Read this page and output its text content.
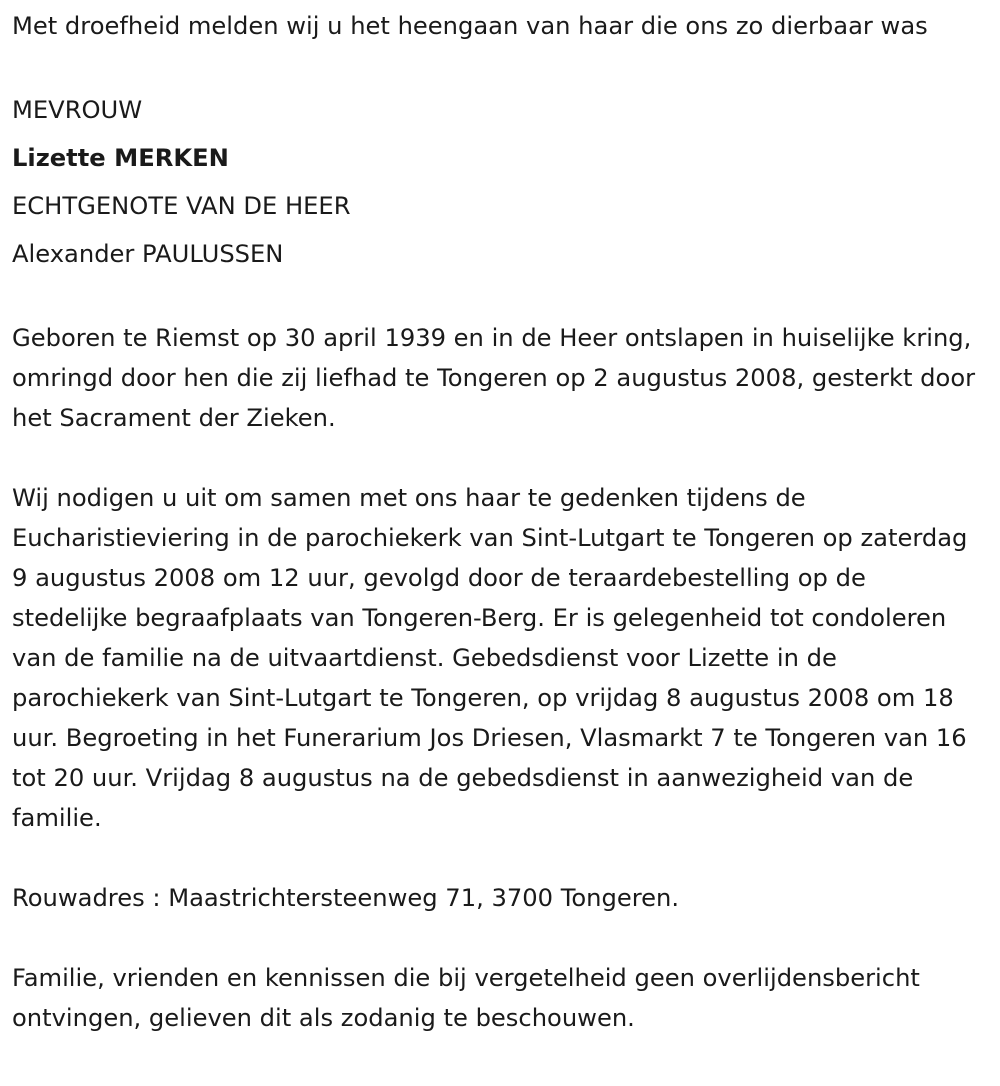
Met droefheid melden wij u het heengaan van haar die ons zo dierbaar was

MEVROUW
Lizette MERKEN
ECHTGENOTE VAN DE HEER
Alexander PAULUSSEN

Geboren te Riemst op 30 april 1939 en in de Heer ontslapen in huiselijke kring, omringd door hen die zij liefhad te Tongeren op 2 augustus 2008, gesterkt door het Sacrament der Zieken.

Wij nodigen u uit om samen met ons haar te gedenken tijdens de Eucharistieviering in de parochiekerk van Sint-Lutgart te Tongeren op zaterdag 9 augustus 2008 om 12 uur, gevolgd door de teraardebestelling op de stedelijke begraafplaats van Tongeren-Berg. Er is gelegenheid tot condoleren van de familie na de uitvaartdienst. Gebedsdienst voor Lizette in de parochiekerk van Sint-Lutgart te Tongeren, op vrijdag 8 augustus 2008 om 18 uur. Begroeting in het Funerarium Jos Driesen, Vlasmarkt 7 te Tongeren van 16 tot 20 uur. Vrijdag 8 augustus na de gebedsdienst in aanwezigheid van de familie.

Rouwadres : Maastrichtersteenweg 71, 3700 Tongeren.

Familie, vrienden en kennissen die bij vergetelheid geen overlijdensbericht ontvingen, gelieven dit als zodanig te beschouwen.
